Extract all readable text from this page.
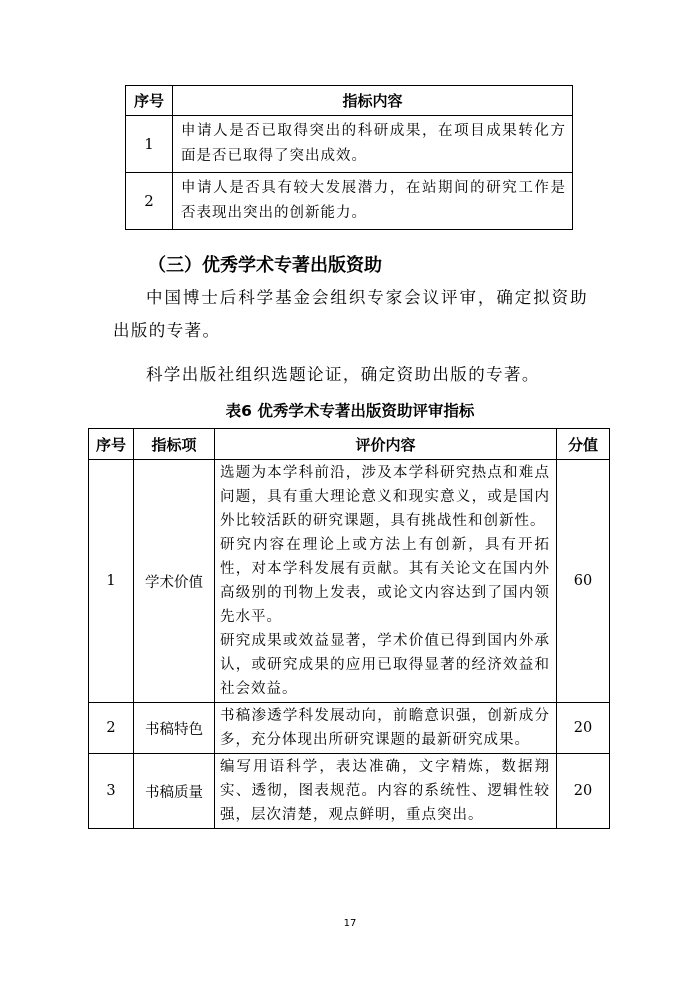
序号	指标内容
1	申请人是否已取得突出的科研成果，在项目成果转化方面是否已取得了突出成效。
2	申请人是否具有较大发展潜力，在站期间的研究工作是否表现出突出的创新能力。
（三）优秀学术专著出版资助
中国博士后科学基金会组织专家会议评审，确定拟资助出版的专著。
科学出版社组织选题论证，确定资助出版的专著。
表6 优秀学术专著出版资助评审指标
序号	指标项	评价内容	分值
1	学术价值	选题为本学科前沿，涉及本学科研究热点和难点问题，具有重大理论意义和现实意义，或是国内外比较活跃的研究课题，具有挑战性和创新性。
研究内容在理论上或方法上有创新，具有开拓性，对本学科发展有贡献。其有关论文在国内外高级别的刊物上发表，或论文内容达到了国内领先水平。
研究成果或效益显著，学术价值已得到国内外承认，或研究成果的应用已取得显著的经济效益和社会效益。	60
2	书稿特色	书稿渗透学科发展动向，前瞻意识强，创新成分多，充分体现出所研究课题的最新研究成果。	20
3	书稿质量	编写用语科学，表达准确，文字精炼，数据翔实、透彻，图表规范。内容的系统性、逻辑性较强，层次清楚，观点鲜明，重点突出。	20
17
